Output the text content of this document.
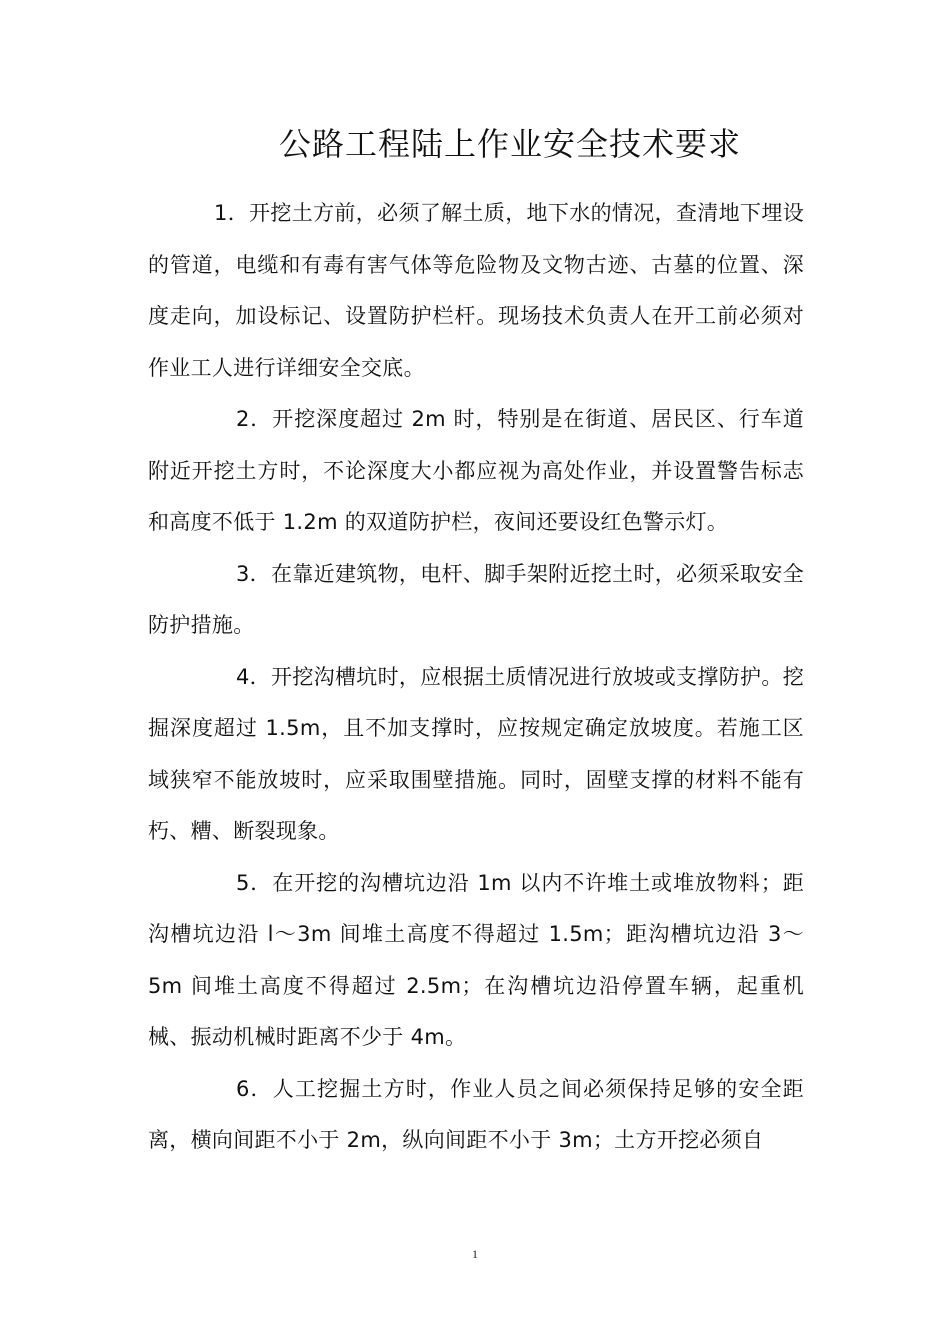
公路工程陆上作业安全技术要求

1．开挖土方前，必须了解土质，地下水的情况，查清地下埋设的管道，电缆和有毒有害气体等危险物及文物古迹、古墓的位置、深度走向，加设标记、设置防护栏杆。现场技术负责人在开工前必须对作业工人进行详细安全交底。

2．开挖深度超过 2m 时，特别是在街道、居民区、行车道附近开挖土方时，不论深度大小都应视为高处作业，并设置警告标志和高度不低于 1.2m 的双道防护栏，夜间还要设红色警示灯。

3．在靠近建筑物，电杆、脚手架附近挖土时，必须采取安全防护措施。

4．开挖沟槽坑时，应根据土质情况进行放坡或支撑防护。挖掘深度超过 1.5m，且不加支撑时，应按规定确定放坡度。若施工区域狭窄不能放坡时，应采取围壁措施。同时，固壁支撑的材料不能有朽、糟、断裂现象。

5．在开挖的沟槽坑边沿 1m 以内不许堆土或堆放物料；距沟槽坑边沿 l～3m 间堆土高度不得超过 1.5m；距沟槽坑边沿 3～5m 间堆土高度不得超过 2.5m；在沟槽坑边沿停置车辆，起重机械、振动机械时距离不少于 4m。

6．人工挖掘土方时，作业人员之间必须保持足够的安全距离，横向间距不小于 2m，纵向间距不小于 3m；土方开挖必须自

1
